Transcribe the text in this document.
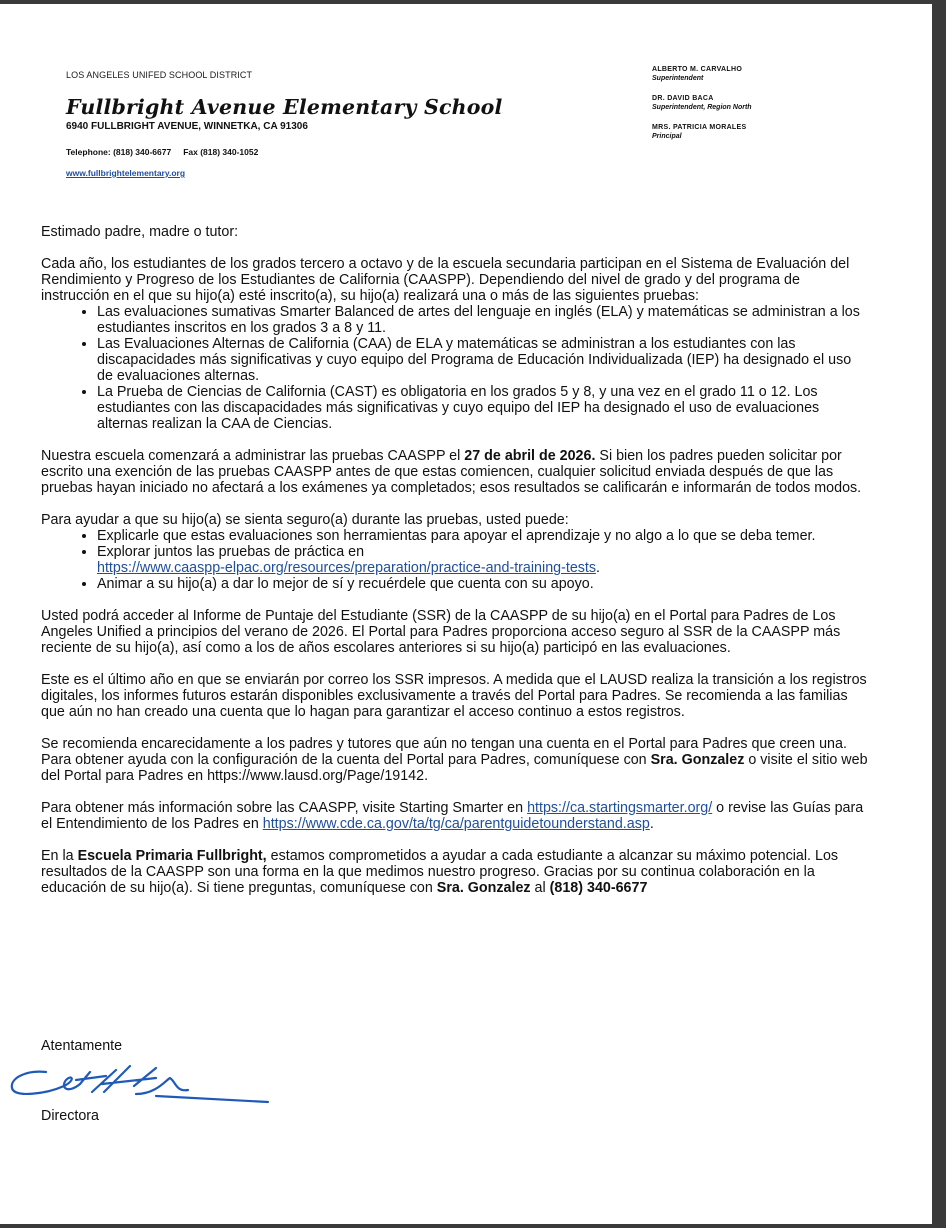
LOS ANGELES UNIFED SCHOOL DISTRICT
Fullbright Avenue Elementary School
6940 FULLBRIGHT AVENUE, WINNETKA, CA 91306
Telephone: (818) 340-6677 Fax (818) 340-1052
www.fullbrightelementary.org
ALBERTO M. CARVALHO
Superintendent
DR. DAVID BACA
Superintendent, Region North
MRS. PATRICIA MORALES
Principal

Estimado padre, madre o tutor:

Cada año, los estudiantes de los grados tercero a octavo y de la escuela secundaria participan en el Sistema de Evaluación del Rendimiento y Progreso de los Estudiantes de California (CAASPP). Dependiendo del nivel de grado y del programa de instrucción en el que su hijo(a) esté inscrito(a), su hijo(a) realizará una o más de las siguientes pruebas:
• Las evaluaciones sumativas Smarter Balanced de artes del lenguaje en inglés (ELA) y matemáticas se administran a los estudiantes inscritos en los grados 3 a 8 y 11.
• Las Evaluaciones Alternas de California (CAA) de ELA y matemáticas se administran a los estudiantes con las discapacidades más significativas y cuyo equipo del Programa de Educación Individualizada (IEP) ha designado el uso de evaluaciones alternas.
• La Prueba de Ciencias de California (CAST) es obligatoria en los grados 5 y 8, y una vez en el grado 11 o 12. Los estudiantes con las discapacidades más significativas y cuyo equipo del IEP ha designado el uso de evaluaciones alternas realizan la CAA de Ciencias.

Nuestra escuela comenzará a administrar las pruebas CAASPP el 27 de abril de 2026. Si bien los padres pueden solicitar por escrito una exención de las pruebas CAASPP antes de que estas comiencen, cualquier solicitud enviada después de que las pruebas hayan iniciado no afectará a los exámenes ya completados; esos resultados se calificarán e informarán de todos modos.

Para ayudar a que su hijo(a) se sienta seguro(a) durante las pruebas, usted puede:
• Explicarle que estas evaluaciones son herramientas para apoyar el aprendizaje y no algo a lo que se deba temer.
• Explorar juntos las pruebas de práctica en
https://www.caaspp-elpac.org/resources/preparation/practice-and-training-tests.
• Animar a su hijo(a) a dar lo mejor de sí y recuérdele que cuenta con su apoyo.

Usted podrá acceder al Informe de Puntaje del Estudiante (SSR) de la CAASPP de su hijo(a) en el Portal para Padres de Los Angeles Unified a principios del verano de 2026. El Portal para Padres proporciona acceso seguro al SSR de la CAASPP más reciente de su hijo(a), así como a los de años escolares anteriores si su hijo(a) participó en las evaluaciones.

Este es el último año en que se enviarán por correo los SSR impresos. A medida que el LAUSD realiza la transición a los registros digitales, los informes futuros estarán disponibles exclusivamente a través del Portal para Padres. Se recomienda a las familias que aún no han creado una cuenta que lo hagan para garantizar el acceso continuo a estos registros.

Se recomienda encarecidamente a los padres y tutores que aún no tengan una cuenta en el Portal para Padres que creen una. Para obtener ayuda con la configuración de la cuenta del Portal para Padres, comuníquese con Sra. Gonzalez o visite el sitio web del Portal para Padres en https://www.lausd.org/Page/19142.

Para obtener más información sobre las CAASPP, visite Starting Smarter en https://ca.startingsmarter.org/ o revise las Guías para el Entendimiento de los Padres en https://www.cde.ca.gov/ta/tg/ca/parentguidetounderstand.asp.

En la Escuela Primaria Fullbright, estamos comprometidos a ayudar a cada estudiante a alcanzar su máximo potencial. Los resultados de la CAASPP son una forma en la que medimos nuestro progreso. Gracias por su continua colaboración en la educación de su hijo(a). Si tiene preguntas, comuníquese con Sra. Gonzalez al (818) 340-6677

Atentamente
Directora
